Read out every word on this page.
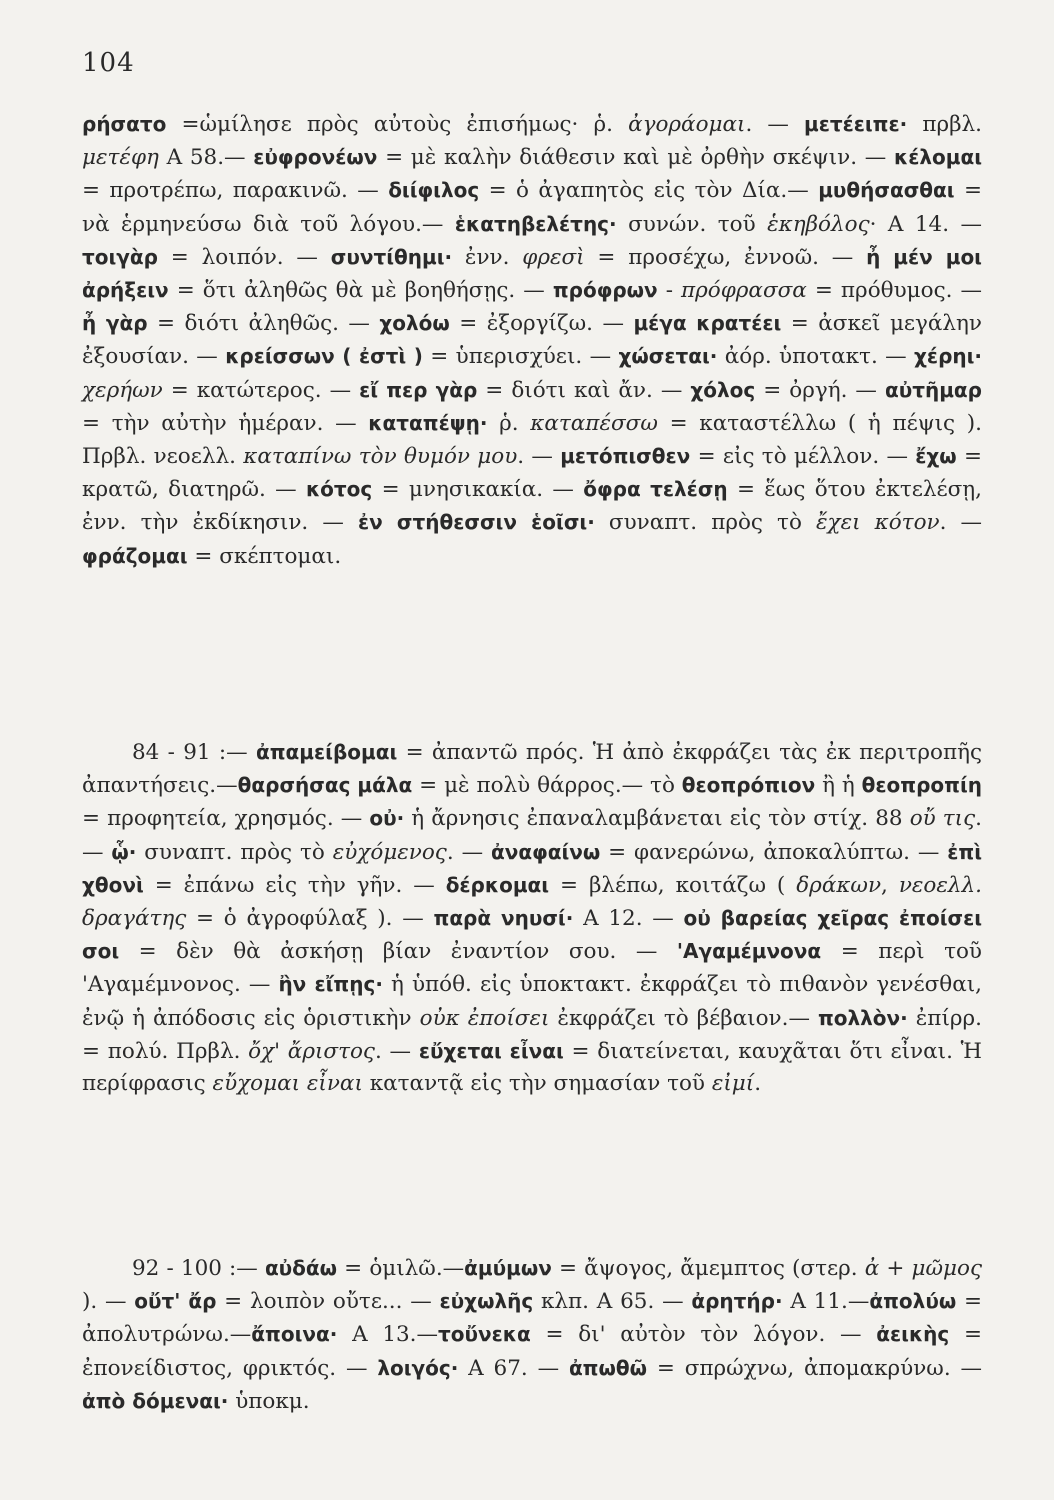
104
ρήσατο =ὡμίλησε πρὸς αὐτοὺς ἐπισήμως· ῥ. ἀγοράομαι. — μετέειπε· πρβλ. μετέφη Α 58.— εὐφρονέων = μὲ καλὴν διάθεσιν καὶ μὲ ὀρθὴν σκέψιν. — κέλομαι = προτρέπω, παρακινῶ. — διίφιλος = ὁ ἀγαπητὸς εἰς τὸν Δία.— μυθήσασθαι = νὰ ἑρμηνεύσω διὰ τοῦ λόγου.— ἑκατηβελέτης· συνών. τοῦ ἑκηβόλος· Α 14. — τοιγὰρ = λοιπόν. — συντίθημι· ἐνν. φρεσὶ = προσέχω, ἐννοῶ. — ἦ μέν μοι ἀρήξειν = ὅτι ἀληθῶς θὰ μὲ βοηθήσῃς. — πρόφρων - πρόφρασσα = πρόθυμος. — ἦ γὰρ = διότι ἀληθῶς. — χολόω = ἐξοργίζω. — μέγα κρατέει = ἀσκεῖ μεγάλην ἐξουσίαν. — κρείσσων ( ἐστὶ ) = ὑπερισχύει. — χώσεται· ἀόρ. ὑποτακτ. — χέρηι· χερήων = κατώτερος. — εἴ περ γὰρ = διότι καὶ ἄν. — χόλος = ὀργή. — αὐτῆμαρ = τὴν αὐτὴν ἡμέραν. — καταπέψῃ· ῥ. καταπέσσω = καταστέλλω ( ἡ πέψις ). Πρβλ. νεοελλ. καταπίνω τὸν θυμόν μου. — μετόπισθεν = εἰς τὸ μέλλον. — ἔχω = κρατῶ, διατηρῶ. — κότος = μνησικακία. — ὄφρα τελέσῃ = ἕως ὅτου ἐκτελέσῃ, ἐνν. τὴν ἐκδίκησιν. — ἐν στήθεσσιν ἑοῖσι· συναπτ. πρὸς τὸ ἔχει κότον. — φράζομαι = σκέπτομαι.
84 - 91 :— ἀπαμείβομαι = ἀπαντῶ πρός. Ἡ ἀπὸ ἐκφράζει τὰς ἐκ περιτροπῆς ἀπαντήσεις.—θαρσήσας μάλα = μὲ πολὺ θάρρος.— τὸ θεοπρόπιον ἢ ἡ θεοπροπίη = προφητεία, χρησμός. — οὐ· ἡ ἄρνησις ἐπαναλαμβάνεται εἰς τὸν στίχ. 88 οὔ τις. — ᾧ· συναπτ. πρὸς τὸ εὐχόμενος. — ἀναφαίνω = φανερώνω, ἀποκαλύπτω. — ἐπὶ χθονὶ = ἐπάνω εἰς τὴν γῆν. — δέρκομαι = βλέπω, κοιτάζω ( δράκων, νεοελλ. δραγάτης = ὁ ἀγροφύλαξ ). — παρὰ νηυσί· Α 12. — οὐ βαρείας χεῖρας ἐποίσει σοι = δὲν θὰ ἀσκήσῃ βίαν ἐναντίον σου. — 'Αγαμέμνονα = περὶ τοῦ 'Αγαμέμνονος. — ἢν εἴπῃς· ἡ ὑπόθ. εἰς ὑποκτακτ. ἐκφράζει τὸ πιθανὸν γενέσθαι, ἐνῷ ἡ ἀπόδοσις εἰς ὁριστικὴν οὐκ ἐποίσει ἐκφράζει τὸ βέβαιον.— πολλὸν· ἐπίρρ. = πολύ. Πρβλ. ὄχ' ἄριστος. — εὔχεται εἶναι = διατείνεται, καυχᾶται ὅτι εἶναι. Ἡ περίφρασις εὔχομαι εἶναι καταντᾷ εἰς τὴν σημασίαν τοῦ εἰμί.
92 - 100 :— αὐδάω = ὁμιλῶ.—ἀμύμων = ἄψογος, ἄμεμπτος (στερ. ἀ + μῶμος ). — οὔτ' ἄρ = λοιπὸν οὔτε... — εὐχωλῆς κλπ. Α 65. — ἀρητήρ· Α 11.—ἀπολύω = ἀπολυτρώνω.—ἄποινα· Α 13.—τοὔνεκα = δι' αὐτὸν τὸν λόγον. — ἀεικὴς = ἐπονείδιστος, φρικτός. — λοιγός· Α 67. — ἀπωθῶ = σπρώχνω, ἀπομακρύνω. — ἀπὸ δόμεναι· ὑποκμ.
